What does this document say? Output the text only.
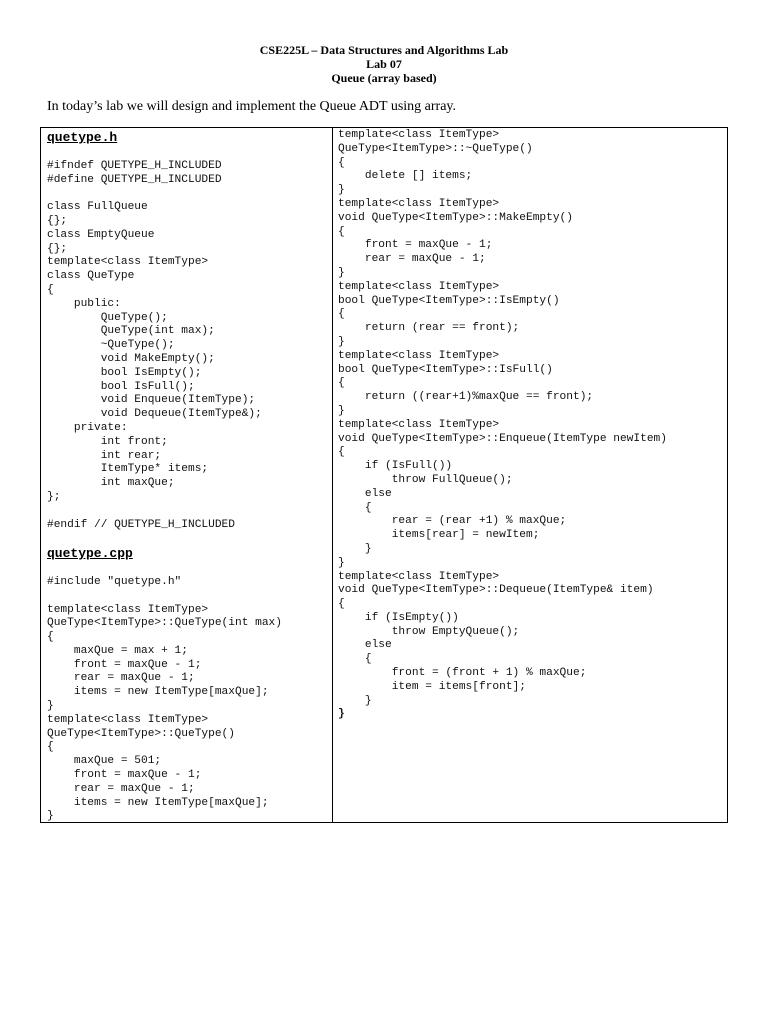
CSE225L – Data Structures and Algorithms Lab
Lab 07
Queue (array based)
In today’s lab we will design and implement the Queue ADT using array.
quetype.h
#ifndef QUETYPE_H_INCLUDED
#define QUETYPE_H_INCLUDED
class FullQueue
{};
class EmptyQueue
{};
template<class ItemType>
class QueType
{
public:
QueType();
QueType(int max);
~QueType();
void MakeEmpty();
bool IsEmpty();
bool IsFull();
void Enqueue(ItemType);
void Dequeue(ItemType&);
private:
int front;
int rear;
ItemType* items;
int maxQue;
};
#endif // QUETYPE_H_INCLUDED
quetype.cpp
#include "quetype.h"
template<class ItemType>
QueType<ItemType>::QueType(int max)
{
maxQue = max + 1;
front = maxQue - 1;
rear = maxQue - 1;
items = new ItemType[maxQue];
}
template<class ItemType>
QueType<ItemType>::QueType()
{
maxQue = 501;
front = maxQue - 1;
rear = maxQue - 1;
items = new ItemType[maxQue];
}
template<class ItemType>
QueType<ItemType>::~QueType()
{
delete [] items;
}
template<class ItemType>
void QueType<ItemType>::MakeEmpty()
{
front = maxQue - 1;
rear = maxQue - 1;
}
template<class ItemType>
bool QueType<ItemType>::IsEmpty()
{
return (rear == front);
}
template<class ItemType>
bool QueType<ItemType>::IsFull()
{
return ((rear+1)%maxQue == front);
}
template<class ItemType>
void QueType<ItemType>::Enqueue(ItemType newItem)
{
if (IsFull())
throw FullQueue();
else
{
rear = (rear +1) % maxQue;
items[rear] = newItem;
}
}
template<class ItemType>
void QueType<ItemType>::Dequeue(ItemType& item)
{
if (IsEmpty())
throw EmptyQueue();
else
{
front = (front + 1) % maxQue;
item = items[front];
}
}
